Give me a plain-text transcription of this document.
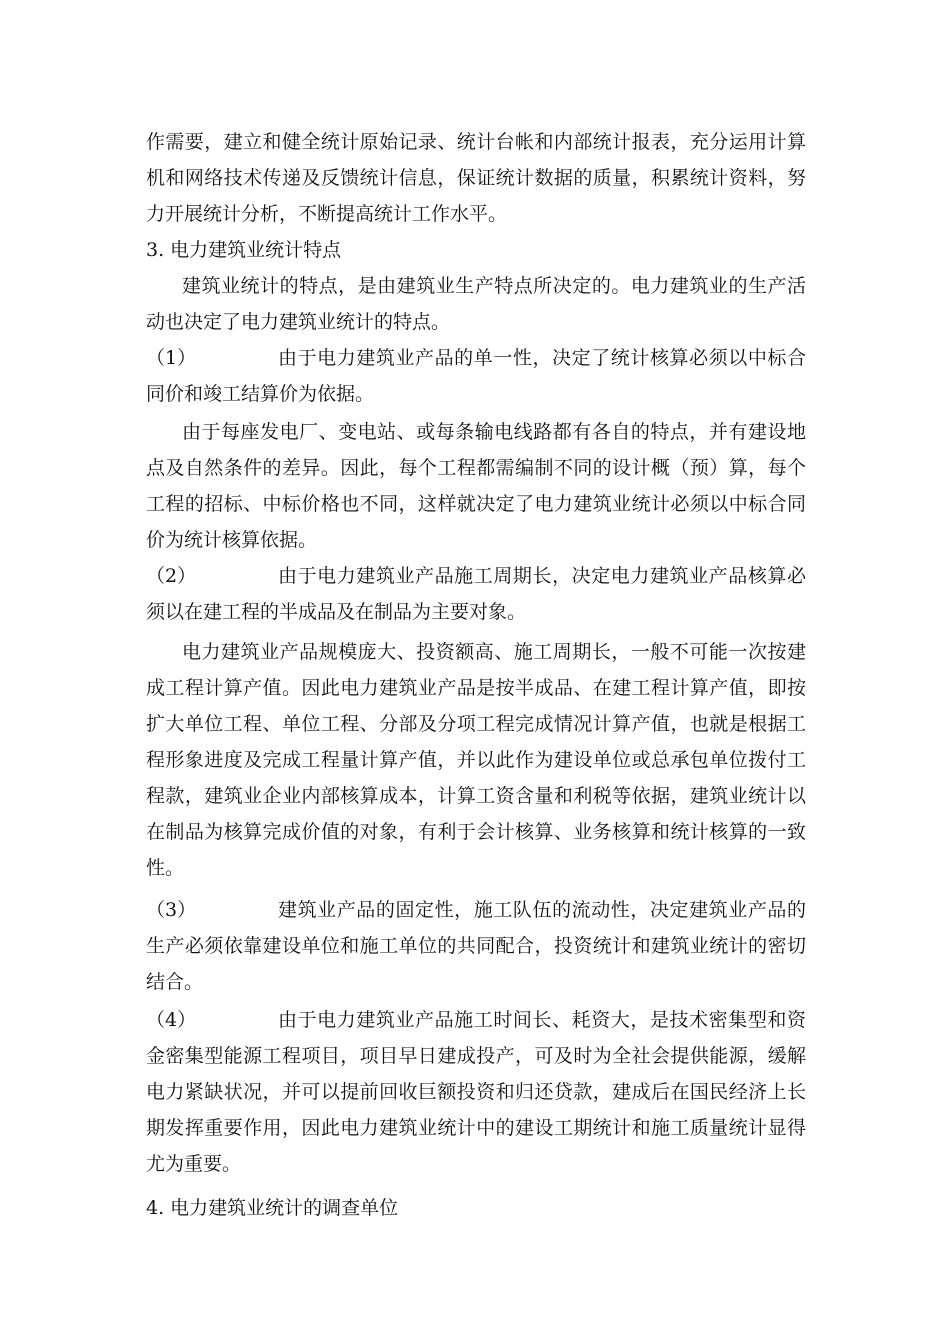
作需要，建立和健全统计原始记录、统计台帐和内部统计报表，充分运用计算
机和网络技术传递及反馈统计信息，保证统计数据的质量，积累统计资料，努
力开展统计分析，不断提高统计工作水平。
3. 电力建筑业统计特点
建筑业统计的特点，是由建筑业生产特点所决定的。电力建筑业的生产活
动也决定了电力建筑业统计的特点。
（1）	由于电力建筑业产品的单一性，决定了统计核算必须以中标合
同价和竣工结算价为依据。
由于每座发电厂、变电站、或每条输电线路都有各自的特点，并有建设地
点及自然条件的差异。因此，每个工程都需编制不同的设计概（预）算，每个
工程的招标、中标价格也不同，这样就决定了电力建筑业统计必须以中标合同
价为统计核算依据。
（2）	由于电力建筑业产品施工周期长，决定电力建筑业产品核算必
须以在建工程的半成品及在制品为主要对象。
电力建筑业产品规模庞大、投资额高、施工周期长，一般不可能一次按建
成工程计算产值。因此电力建筑业产品是按半成品、在建工程计算产值，即按
扩大单位工程、单位工程、分部及分项工程完成情况计算产值，也就是根据工
程形象进度及完成工程量计算产值，并以此作为建设单位或总承包单位拨付工
程款，建筑业企业内部核算成本，计算工资含量和利税等依据，建筑业统计以
在制品为核算完成价值的对象，有利于会计核算、业务核算和统计核算的一致
性。
（3）	建筑业产品的固定性，施工队伍的流动性，决定建筑业产品的
生产必须依靠建设单位和施工单位的共同配合，投资统计和建筑业统计的密切
结合。
（4）	由于电力建筑业产品施工时间长、耗资大，是技术密集型和资
金密集型能源工程项目，项目早日建成投产，可及时为全社会提供能源，缓解
电力紧缺状况，并可以提前回收巨额投资和归还贷款，建成后在国民经济上长
期发挥重要作用，因此电力建筑业统计中的建设工期统计和施工质量统计显得
尤为重要。
4. 电力建筑业统计的调查单位
